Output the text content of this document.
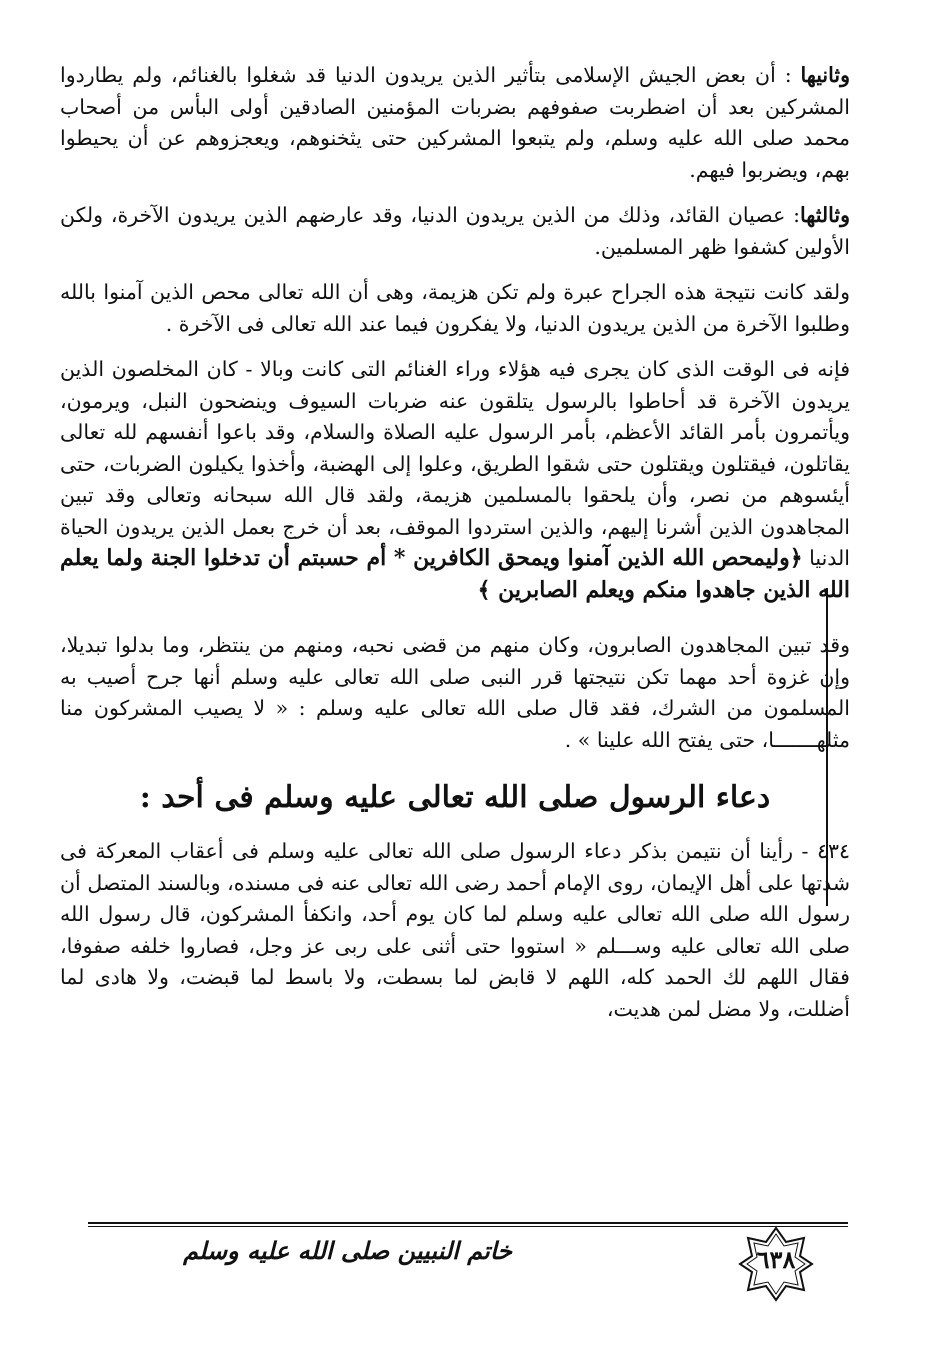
وثانيها : أن بعض الجيش الإسلامى بتأثير الذين يريدون الدنيا قد شغلوا بالغنائم، ولم يطاردوا المشركين بعد أن اضطربت صفوفهم بضربات المؤمنين الصادقين أولى البأس من أصحاب محمد صلى الله عليه وسلم، ولم يتبعوا المشركين حتى يثخنوهم، ويعجزوهم عن أن يحيطوا بهم، ويضربوا فيهم.

وثالثها: عصيان القائد، وذلك من الذين يريدون الدنيا، وقد عارضهم الذين يريدون الآخرة، ولكن الأولين كشفوا ظهر المسلمين.

ولقد كانت نتيجة هذه الجراح عبرة ولم تكن هزيمة، وهى أن الله تعالى محص الذين آمنوا بالله وطلبوا الآخرة من الذين يريدون الدنيا، ولا يفكرون فيما عند الله تعالى فى الآخرة .

فإنه فى الوقت الذى كان يجرى فيه هؤلاء وراء الغنائم التى كانت وبالا - كان المخلصون الذين يريدون الآخرة قد أحاطوا بالرسول يتلقون عنه ضربات السيوف وينضحون النبل، ويرمون، ويأتمرون بأمر القائد الأعظم، بأمر الرسول عليه الصلاة والسلام، وقد باعوا أنفسهم لله تعالى يقاتلون، فيقتلون ويقتلون حتى شقوا الطريق، وعلوا إلى الهضبة، وأخذوا يكيلون الضربات، حتى أيئسوهم من نصر، وأن يلحقوا بالمسلمين هزيمة، ولقد قال الله سبحانه وتعالى وقد تبين المجاهدون الذين أشرنا إليهم، والذين استردوا الموقف، بعد أن خرج بعمل الذين يريدون الحياة الدنيا ﴿وليمحص الله الذين آمنوا ويمحق الكافرين * أم حسبتم أن تدخلوا الجنة ولما يعلم الله الذين جاهدوا منكم ويعلم الصابرين ﴾

وقد تبين المجاهدون الصابرون، وكان منهم من قضى نحبه، ومنهم من ينتظر، وما بدلوا تبديلا، وإن غزوة أحد مهما تكن نتيجتها قرر النبى صلى الله تعالى عليه وسلم أنها جرح أصيب به المسلمون من الشرك، فقد قال صلى الله تعالى عليه وسلم : « لا يصيب المشركون منا مثلهـــــــا، حتى يفتح الله علينا » .

دعاء الرسول صلى الله تعالى عليه وسلم فى أحد :

٤٣٤ - رأينا أن نتيمن بذكر دعاء الرسول صلى الله تعالى عليه وسلم فى أعقاب المعركة فى شدتها على أهل الإيمان، روى الإمام أحمد رضى الله تعالى عنه فى مسنده، وبالسند المتصل أن رسول الله صلى الله تعالى عليه وسلم لما كان يوم أحد، وانكفأ المشركون، قال رسول الله صلى الله تعالى عليه وســـلم « استووا حتى أثنى على ربى عز وجل، فصاروا خلفه صفوفا، فقال اللهم لك الحمد كله، اللهم لا قابض لما بسطت، ولا باسط لما قبضت، ولا هادى لما أضللت، ولا مضل لمن هديت،

٦٣٨
خاتم النبيين صلى الله عليه وسلم
